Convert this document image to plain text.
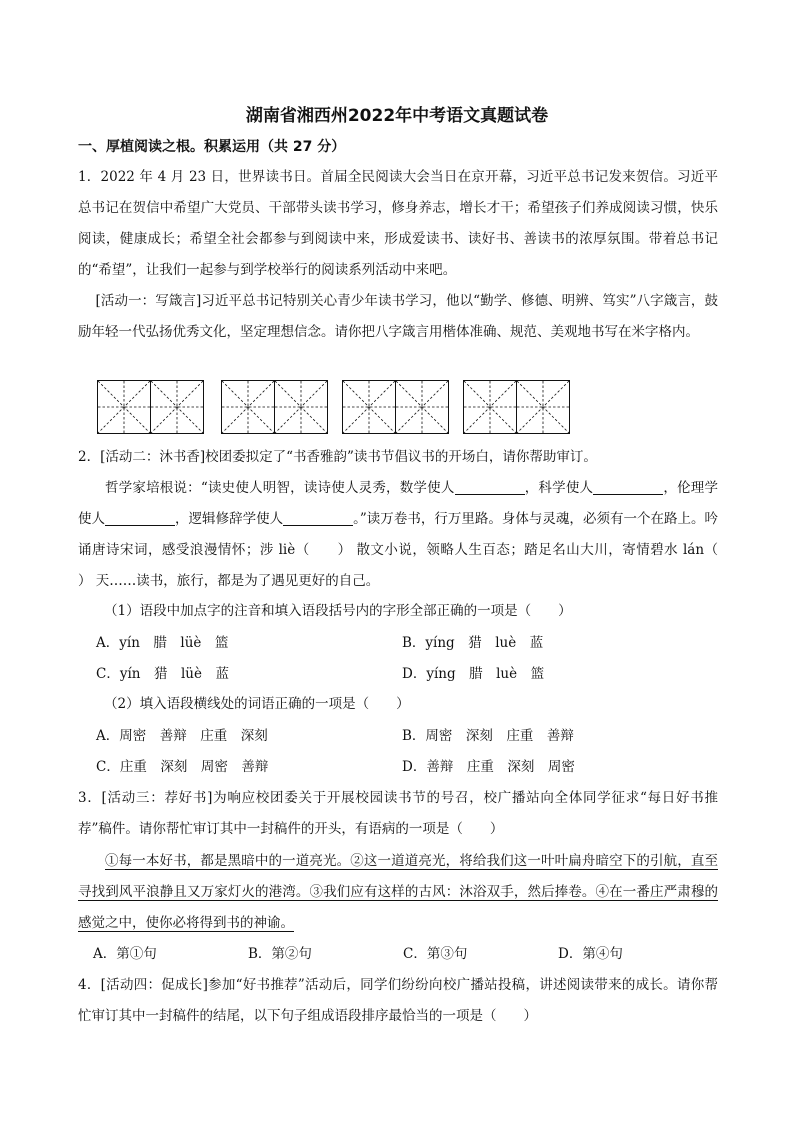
湖南省湘西州2022年中考语文真题试卷

一、厚植阅读之根。积累运用（共 27 分）

1．2022 年 4 月 23 日，世界读书日。首届全民阅读大会当日在京开幕，习近平总书记发来贺信。习近平总书记在贺信中希望广大党员、干部带头读书学习，修身养志，增长才干；希望孩子们养成阅读习惯，快乐阅读，健康成长；希望全社会都参与到阅读中来，形成爱读书、读好书、善读书的浓厚氛围。带着总书记的“希望”，让我们一起参与到学校举行的阅读系列活动中来吧。

[活动一：写箴言]习近平总书记特别关心青少年读书学习，他以“勤学、修德、明辨、笃实”八字箴言，鼓励年轻一代弘扬优秀文化，坚定理想信念。请你把八字箴言用楷体准确、规范、美观地书写在米字格内。

2．[活动二：沐书香]校团委拟定了“书香雅韵”读书节倡议书的开场白，请你帮助审订。

哲学家培根说：“读史使人明智，读诗使人灵秀，数学使人	，科学使人	，伦理学使人	，逻辑修辞学使人	。”读万卷书，行万里路。身体与灵魂，必须有一个在路上。吟诵唐诗宋词，感受浪漫情怀；涉 liè（　　） 散文小说，领略人生百态；踏足名山大川，寄情碧水 lán（　　） 天……读书，旅行，都是为了遇见更好的自己。

（1）语段中加点字的注音和填入语段括号内的字形全部正确的一项是（　　）

A．yín　腊　lüè　篮	B．yíng　猎　luè　蓝
C．yín　猎　lüè　蓝	D．yíng　腊　luè　篮

（2）填入语段横线处的词语正确的一项是（　　）

A．周密　善辩　庄重　深刻	B．周密　深刻　庄重　善辩
C．庄重　深刻　周密　善辩	D．善辩　庄重　深刻　周密

3．[活动三：荐好书]为响应校团委关于开展校园读书节的号召，校广播站向全体同学征求“每日好书推荐”稿件。请你帮忙审订其中一封稿件的开头，有语病的一项是（　　）

①每一本好书，都是黑暗中的一道亮光。②这一道道亮光，将给我们这一叶叶扁舟暗空下的引航，直至寻找到风平浪静且又万家灯火的港湾。③我们应有这样的古风：沐浴双手，然后捧卷。④在一番庄严肃穆的感觉之中，使你必将得到书的神谕。

A．第①句	B．第②句	C．第③句	D．第④句

4．[活动四：促成长]参加“好书推荐”活动后，同学们纷纷向校广播站投稿，讲述阅读带来的成长。请你帮忙审订其中一封稿件的结尾，以下句子组成语段排序最恰当的一项是（　　）
